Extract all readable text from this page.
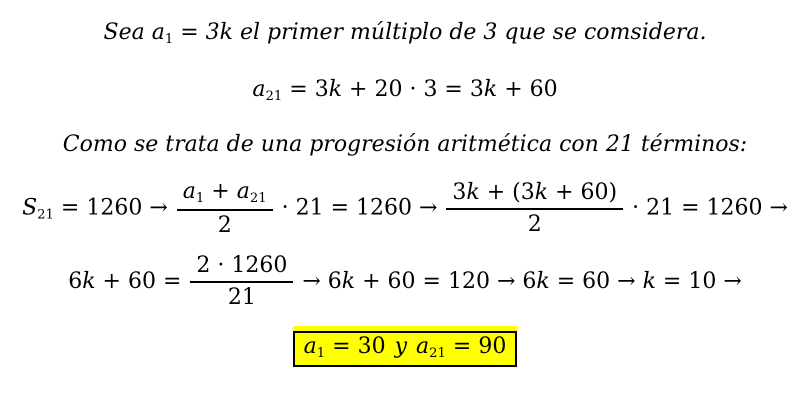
Sea a1 = 3k el primer múltiplo de 3 que se comsidera.

a21 = 3k + 20 · 3 = 3k + 60

Como se trata de una progresión aritmética con 21 términos:

$S21 = 1260 \to \frac{a1 + a21}{2} \cdot 21 = 1260 \to \frac{3k + (3k + 60)}{2} \cdot 21 = 1260$ →

$6k + 60 = \frac{2 \cdot 1260}{21} \to 6k + 60 = 120 \to 6k = 60 \to k = 10$ →

a1 = 30 y a21 = 90
